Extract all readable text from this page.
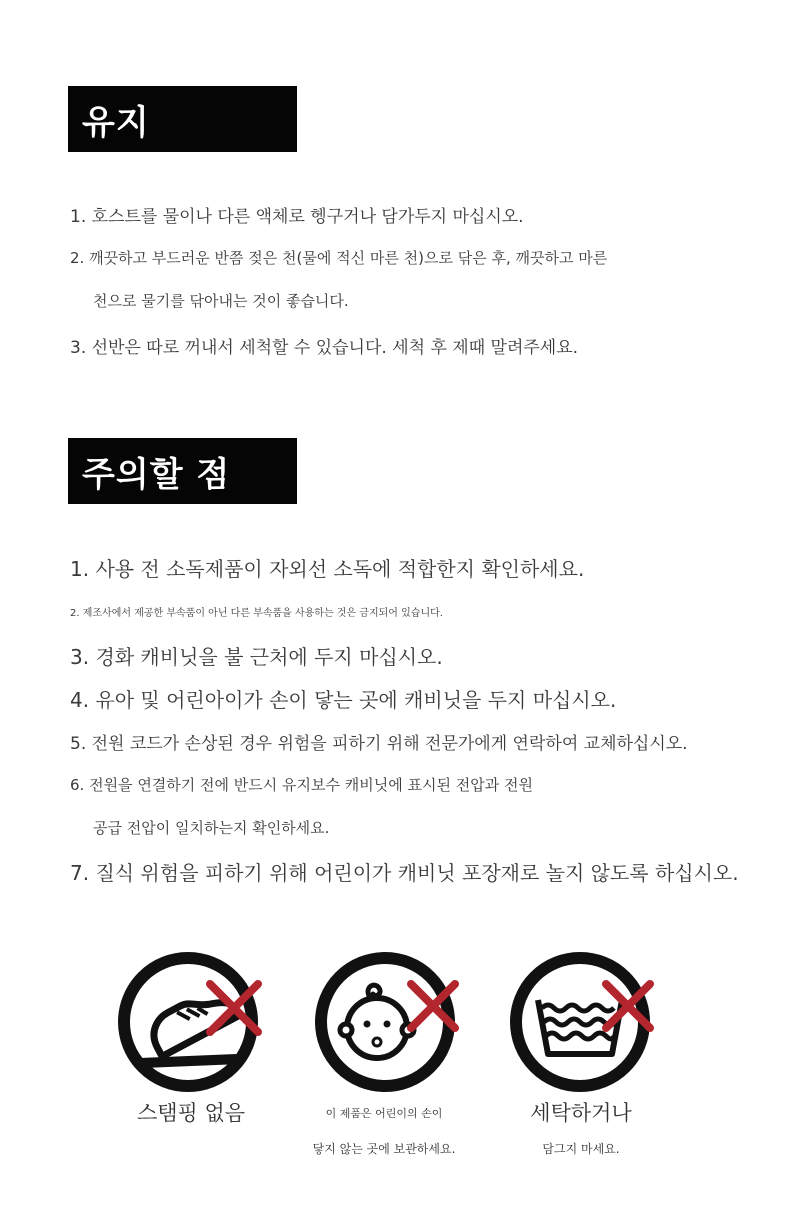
유지
1. 호스트를 물이나 다른 액체로 헹구거나 담가두지 마십시오.
2. 깨끗하고 부드러운 반쯤 젖은 천(물에 적신 마른 천)으로 닦은 후, 깨끗하고 마른
천으로 물기를 닦아내는 것이 좋습니다.
3. 선반은 따로 꺼내서 세척할 수 있습니다. 세척 후 제때 말려주세요.
주의할 점
1. 사용 전 소독제품이 자외선 소독에 적합한지 확인하세요.
2. 제조사에서 제공한 부속품이 아닌 다른 부속품을 사용하는 것은 금지되어 있습니다.
3. 경화 캐비닛을 불 근처에 두지 마십시오.
4. 유아 및 어린아이가 손이 닿는 곳에 캐비닛을 두지 마십시오.
5. 전원 코드가 손상된 경우 위험을 피하기 위해 전문가에게 연락하여 교체하십시오.
6. 전원을 연결하기 전에 반드시 유지보수 캐비닛에 표시된 전압과 전원
공급 전압이 일치하는지 확인하세요.
7. 질식 위험을 피하기 위해 어린이가 캐비닛 포장재로 놀지 않도록 하십시오.
스탬핑 없음	이 제품은 어린이의 손이
닿지 않는 곳에 보관하세요.
세탁하거나
담그지 마세요.
